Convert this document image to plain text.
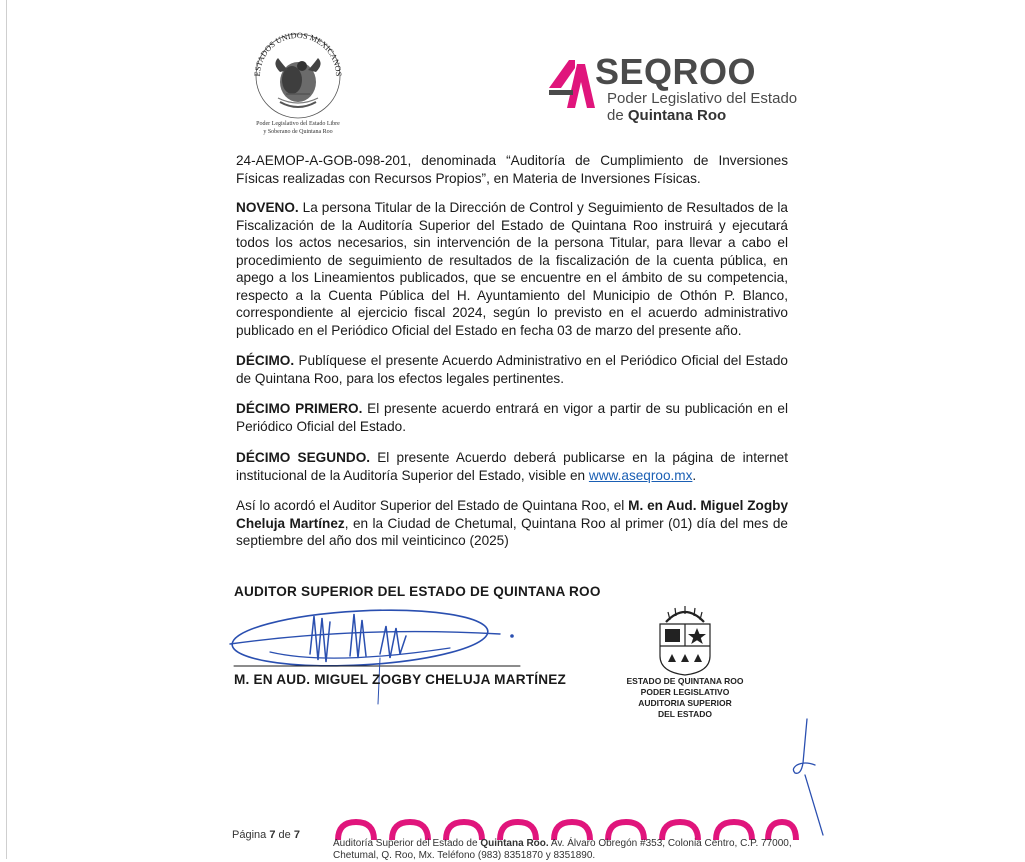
ESTADOS UNIDOS MEXICANOS
Poder Legislativo del Estado Libre
y Soberano de Quintana Roo
SEQROO
Poder Legislativo del Estado
de Quintana Roo
24-AEMOP-A-GOB-098-201, denominada “Auditoría de Cumplimiento de Inversiones Físicas realizadas con Recursos Propios”, en Materia de Inversiones Físicas.
NOVENO. La persona Titular de la Dirección de Control y Seguimiento de Resultados de la Fiscalización de la Auditoría Superior del Estado de Quintana Roo instruirá y ejecutará todos los actos necesarios, sin intervención de la persona Titular, para llevar a cabo el procedimiento de seguimiento de resultados de la fiscalización de la cuenta pública, en apego a los Lineamientos publicados, que se encuentre en el ámbito de su competencia, respecto a la Cuenta Pública del H. Ayuntamiento del Municipio de Othón P. Blanco, correspondiente al ejercicio fiscal 2024, según lo previsto en el acuerdo administrativo publicado en el Periódico Oficial del Estado en fecha 03 de marzo del presente año.
DÉCIMO. Publíquese el presente Acuerdo Administrativo en el Periódico Oficial del Estado de Quintana Roo, para los efectos legales pertinentes.
DÉCIMO PRIMERO. El presente acuerdo entrará en vigor a partir de su publicación en el Periódico Oficial del Estado.
DÉCIMO SEGUNDO. El presente Acuerdo deberá publicarse en la página de internet institucional de la Auditoría Superior del Estado, visible en www.aseqroo.mx.
Así lo acordó el Auditor Superior del Estado de Quintana Roo, el M. en Aud. Miguel Zogby Cheluja Martínez, en la Ciudad de Chetumal, Quintana Roo al primer (01) día del mes de septiembre del año dos mil veinticinco (2025)
AUDITOR SUPERIOR DEL ESTADO DE QUINTANA ROO
M. EN AUD. MIGUEL ZOGBY CHELUJA MARTÍNEZ	ESTADO DE QUINTANA ROO
PODER LEGISLATIVO
AUDITORIA SUPERIOR
DEL ESTADO
Página 7 de 7
Auditoría Superior del Estado de Quintana Roo. Av. Álvaro Obregón #353, Colonia Centro, C.P. 77000, Chetumal, Q. Roo, Mx. Teléfono (983) 8351870 y 8351890.
